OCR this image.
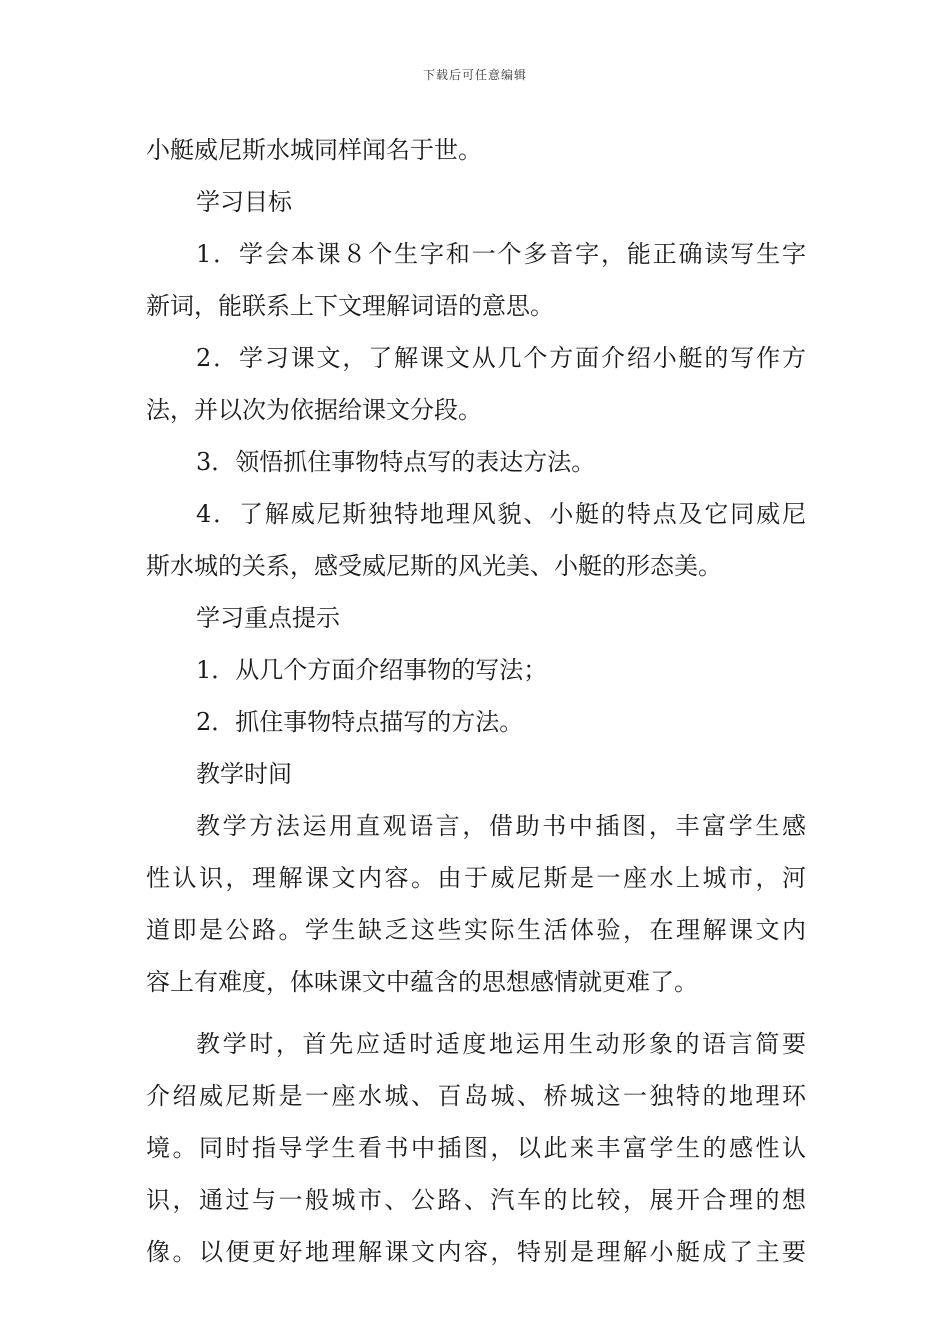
下载后可任意编辑
小艇威尼斯水城同样闻名于世。
学习目标
1．学会本课８个生字和一个多音字，能正确读写生字
新词，能联系上下文理解词语的意思。
2．学习课文，了解课文从几个方面介绍小艇的写作方
法，并以次为依据给课文分段。
3．领悟抓住事物特点写的表达方法。
4．了解威尼斯独特地理风貌、小艇的特点及它同威尼
斯水城的关系，感受威尼斯的风光美、小艇的形态美。
学习重点提示
1．从几个方面介绍事物的写法；
2．抓住事物特点描写的方法。
教学时间
教学方法运用直观语言，借助书中插图，丰富学生感
性认识，理解课文内容。由于威尼斯是一座水上城市，河
道即是公路。学生缺乏这些实际生活体验，在理解课文内
容上有难度，体味课文中蕴含的思想感情就更难了。
教学时，首先应适时适度地运用生动形象的语言简要
介绍威尼斯是一座水城、百岛城、桥城这一独特的地理环
境。同时指导学生看书中插图，以此来丰富学生的感性认
识，通过与一般城市、公路、汽车的比较，展开合理的想
像。以便更好地理解课文内容，特别是理解小艇成了主要
